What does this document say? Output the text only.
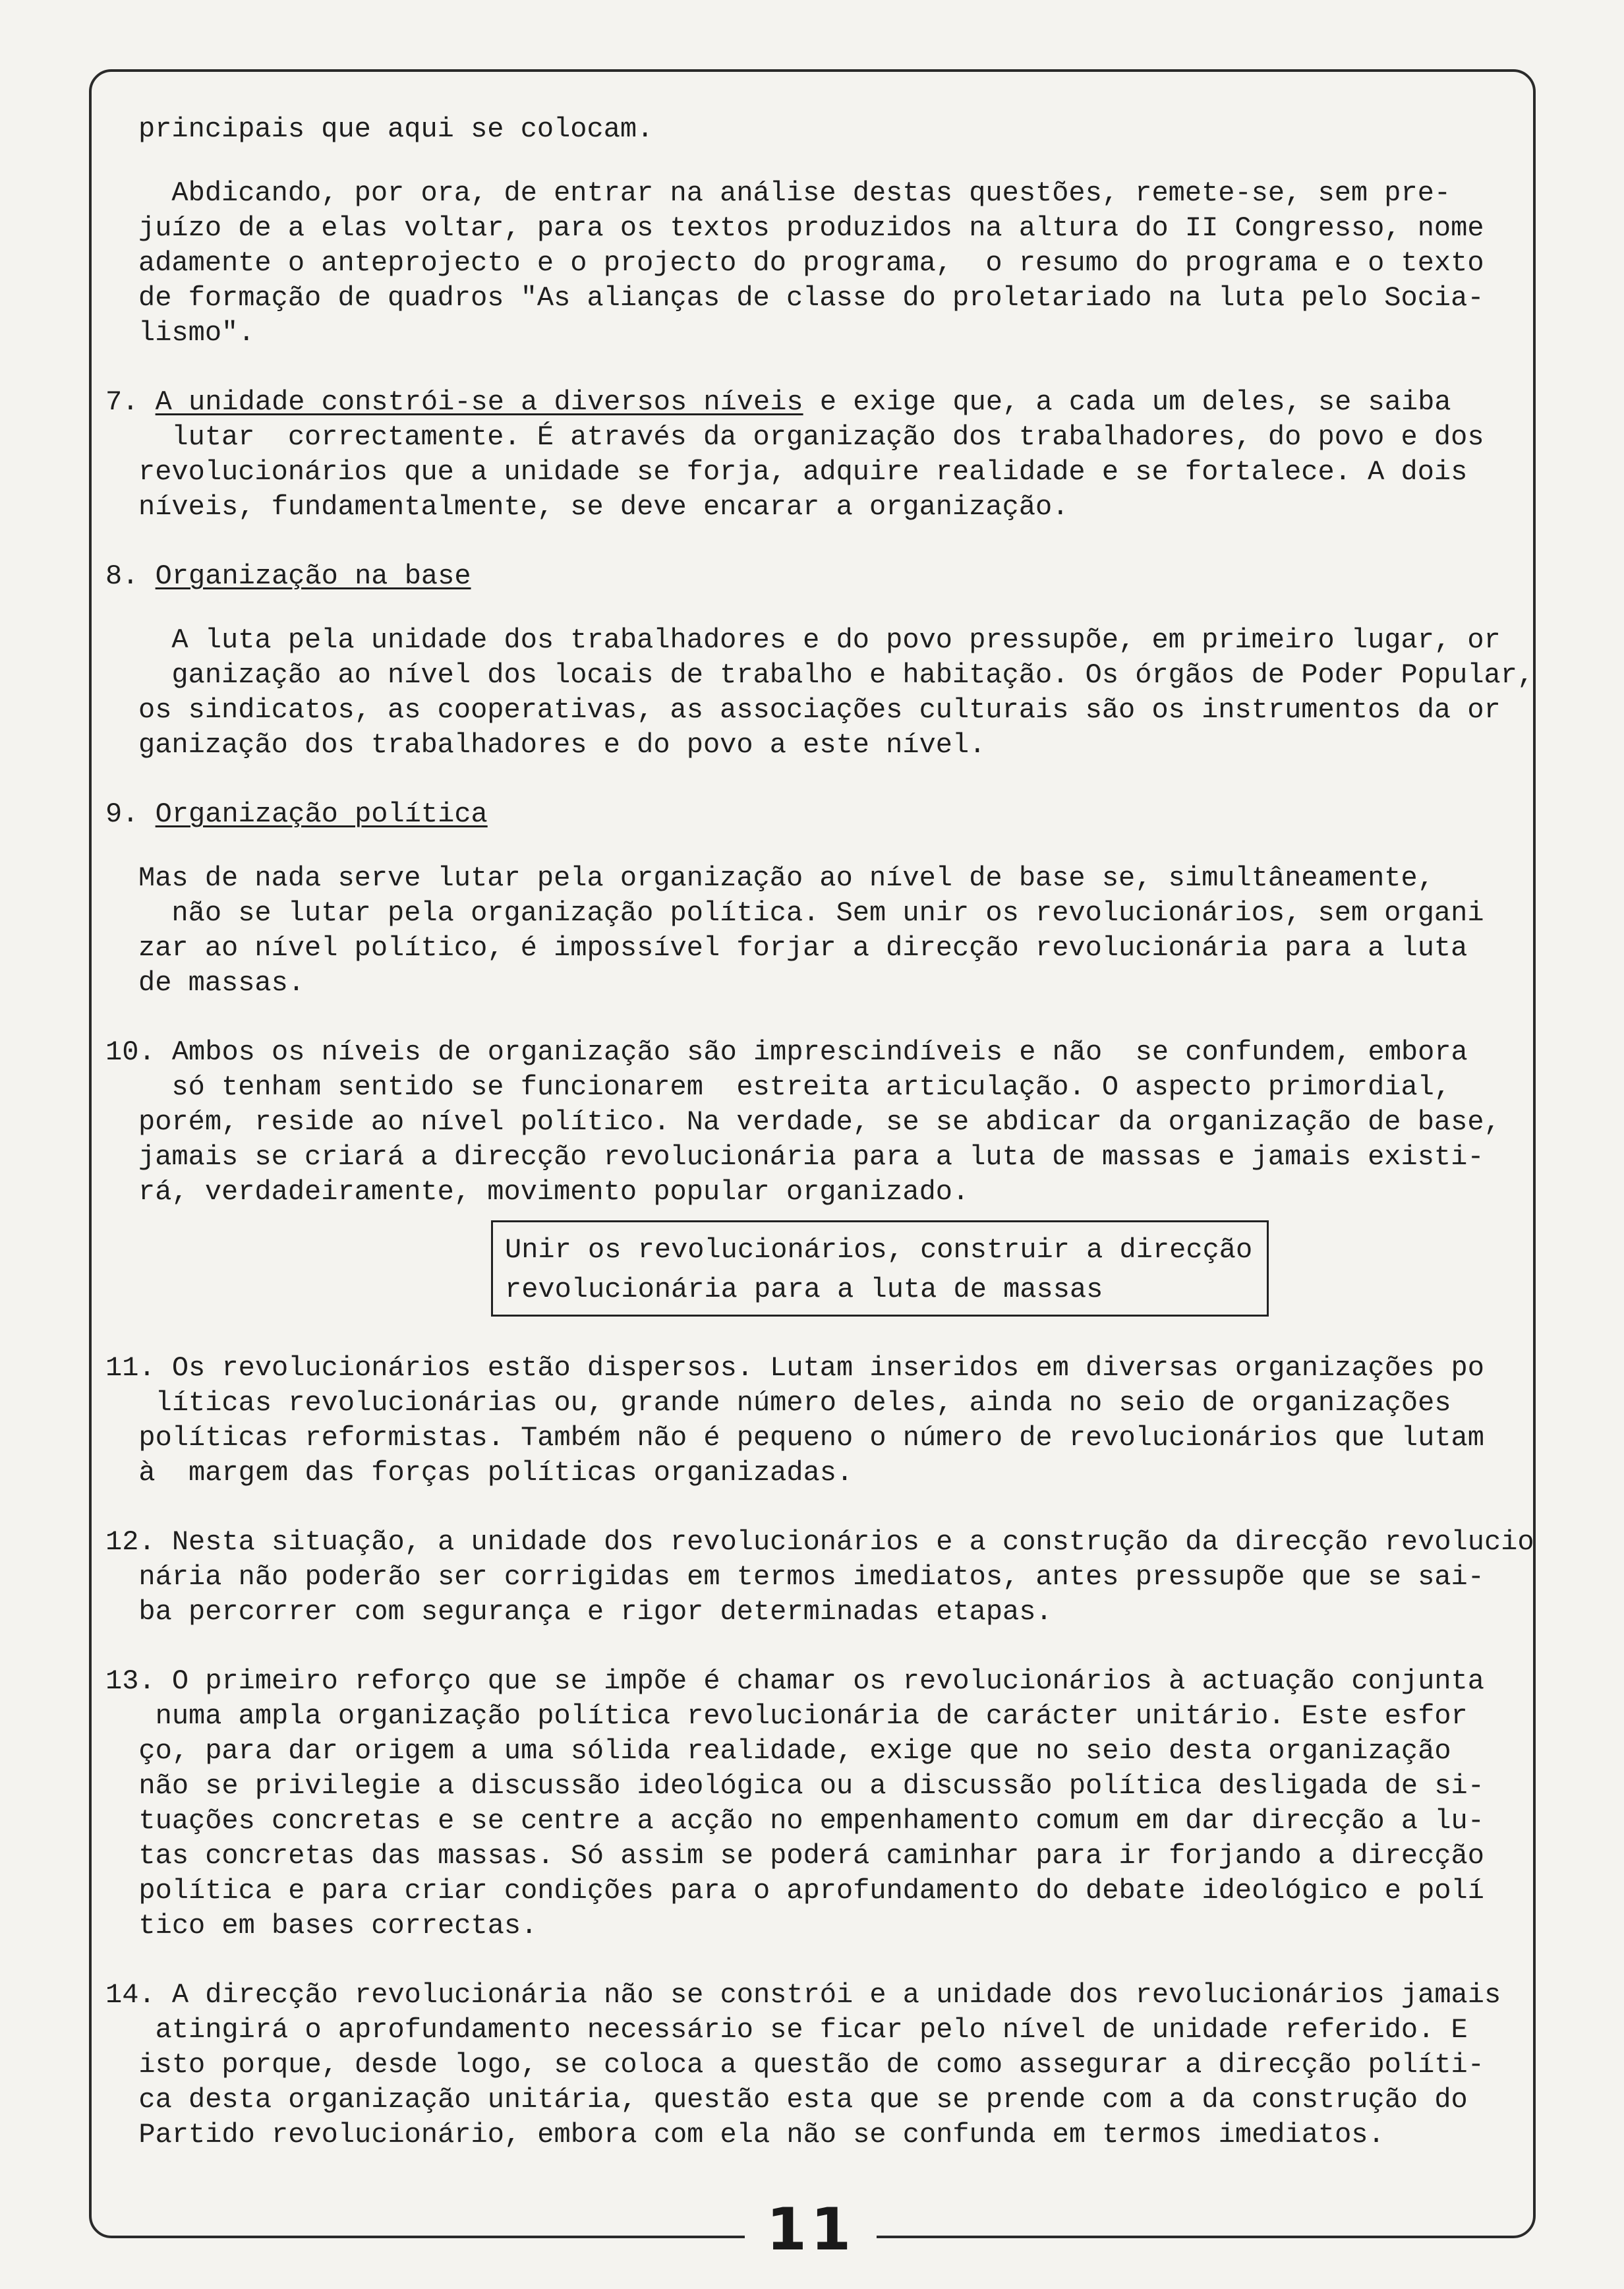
principais que aqui se colocam.

Abdicando, por ora, de entrar na análise destas questões, remete-se, sem pre-

juízo de a elas voltar, para os textos produzidos na altura do II Congresso, nome

adamente o anteprojecto e o projecto do programa,  o resumo do programa e o texto

de formação de quadros "As alianças de classe do proletariado na luta pelo Socia-

lismo".

7. A unidade constrói-se a diversos níveis e exige que, a cada um deles, se saiba

lutar  correctamente. É através da organização dos trabalhadores, do povo e dos

revolucionários que a unidade se forja, adquire realidade e se fortalece. A dois

níveis, fundamentalmente, se deve encarar a organização.

8. Organização na base

A luta pela unidade dos trabalhadores e do povo pressupõe, em primeiro lugar, or

ganização ao nível dos locais de trabalho e habitação. Os órgãos de Poder Popular,

os sindicatos, as cooperativas, as associações culturais são os instrumentos da or

ganização dos trabalhadores e do povo a este nível.

9. Organização política

Mas de nada serve lutar pela organização ao nível de base se, simultâneamente,

não se lutar pela organização política. Sem unir os revolucionários, sem organi

zar ao nível político, é impossível forjar a direcção revolucionária para a luta

de massas.

10. Ambos os níveis de organização são imprescindíveis e não  se confundem, embora

só tenham sentido se funcionarem  estreita articulação. O aspecto primordial,

porém, reside ao nível político. Na verdade, se se abdicar da organização de base,

jamais se criará a direcção revolucionária para a luta de massas e jamais existi-

rá, verdadeiramente, movimento popular organizado.

Unir os revolucionários, construir a direcção

revolucionária para a luta de massas

11. Os revolucionários estão dispersos. Lutam inseridos em diversas organizações po

líticas revolucionárias ou, grande número deles, ainda no seio de organizações

políticas reformistas. Também não é pequeno o número de revolucionários que lutam

à  margem das forças políticas organizadas.

12. Nesta situação, a unidade dos revolucionários e a construção da direcção revolucio

nária não poderão ser corrigidas em termos imediatos, antes pressupõe que se sai-

ba percorrer com segurança e rigor determinadas etapas.

13. O primeiro reforço que se impõe é chamar os revolucionários à actuação conjunta

numa ampla organização política revolucionária de carácter unitário. Este esfor

ço, para dar origem a uma sólida realidade, exige que no seio desta organização

não se privilegie a discussão ideológica ou a discussão política desligada de si-

tuações concretas e se centre a acção no empenhamento comum em dar direcção a lu-

tas concretas das massas. Só assim se poderá caminhar para ir forjando a direcção

política e para criar condições para o aprofundamento do debate ideológico e polí

tico em bases correctas.

14. A direcção revolucionária não se constrói e a unidade dos revolucionários jamais

atingirá o aprofundamento necessário se ficar pelo nível de unidade referido. E

isto porque, desde logo, se coloca a questão de como assegurar a direcção políti-

ca desta organização unitária, questão esta que se prende com a da construção do

Partido revolucionário, embora com ela não se confunda em termos imediatos.

11
